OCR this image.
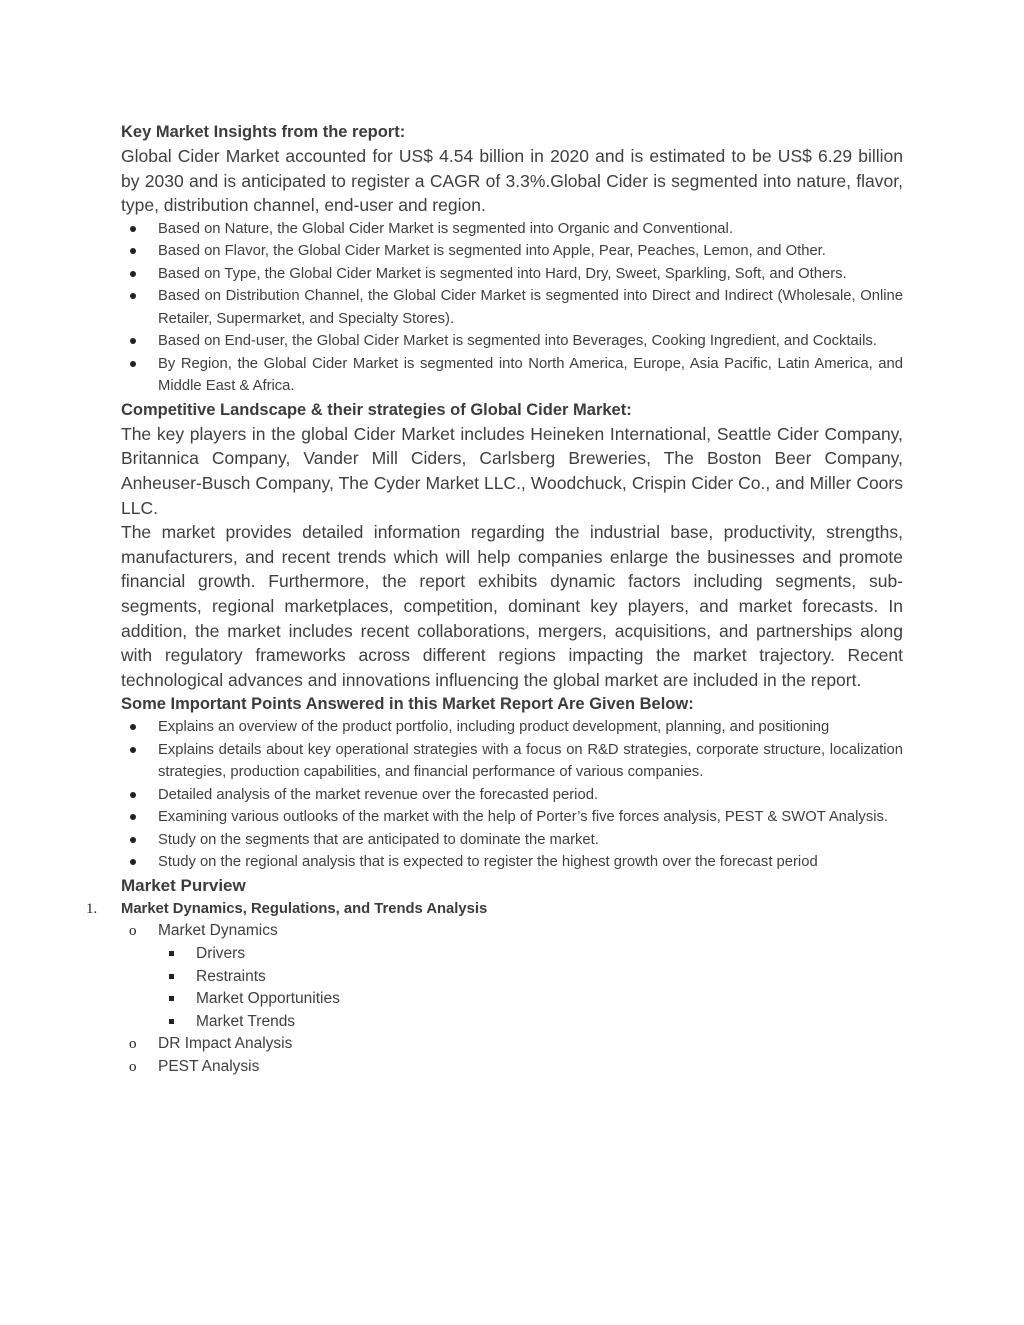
Key Market Insights from the report:
Global Cider Market accounted for US$ 4.54 billion in 2020 and is estimated to be US$ 6.29 billion by 2030 and is anticipated to register a CAGR of 3.3%.Global Cider is segmented into nature, flavor, type, distribution channel, end-user and region.
Based on Nature, the Global Cider Market is segmented into Organic and Conventional.
Based on Flavor, the Global Cider Market is segmented into Apple, Pear, Peaches, Lemon, and Other.
Based on Type, the Global Cider Market is segmented into Hard, Dry, Sweet, Sparkling, Soft, and Others.
Based on Distribution Channel, the Global Cider Market is segmented into Direct and Indirect (Wholesale, Online Retailer, Supermarket, and Specialty Stores).
Based on End-user, the Global Cider Market is segmented into Beverages, Cooking Ingredient, and Cocktails.
By Region, the Global Cider Market is segmented into North America, Europe, Asia Pacific, Latin America, and Middle East & Africa.
Competitive Landscape & their strategies of Global Cider Market:
The key players in the global Cider Market includes Heineken International, Seattle Cider Company, Britannica Company, Vander Mill Ciders, Carlsberg Breweries, The Boston Beer Company, Anheuser-Busch Company, The Cyder Market LLC., Woodchuck, Crispin Cider Co., and Miller Coors LLC.
The market provides detailed information regarding the industrial base, productivity, strengths, manufacturers, and recent trends which will help companies enlarge the businesses and promote financial growth. Furthermore, the report exhibits dynamic factors including segments, sub-segments, regional marketplaces, competition, dominant key players, and market forecasts. In addition, the market includes recent collaborations, mergers, acquisitions, and partnerships along with regulatory frameworks across different regions impacting the market trajectory. Recent technological advances and innovations influencing the global market are included in the report.
Some Important Points Answered in this Market Report Are Given Below:
Explains an overview of the product portfolio, including product development, planning, and positioning
Explains details about key operational strategies with a focus on R&D strategies, corporate structure, localization strategies, production capabilities, and financial performance of various companies.
Detailed analysis of the market revenue over the forecasted period.
Examining various outlooks of the market with the help of Porter’s five forces analysis, PEST & SWOT Analysis.
Study on the segments that are anticipated to dominate the market.
Study on the regional analysis that is expected to register the highest growth over the forecast period
Market Purview
1. Market Dynamics, Regulations, and Trends Analysis
o Market Dynamics
Drivers
Restraints
Market Opportunities
Market Trends
o DR Impact Analysis
o PEST Analysis
